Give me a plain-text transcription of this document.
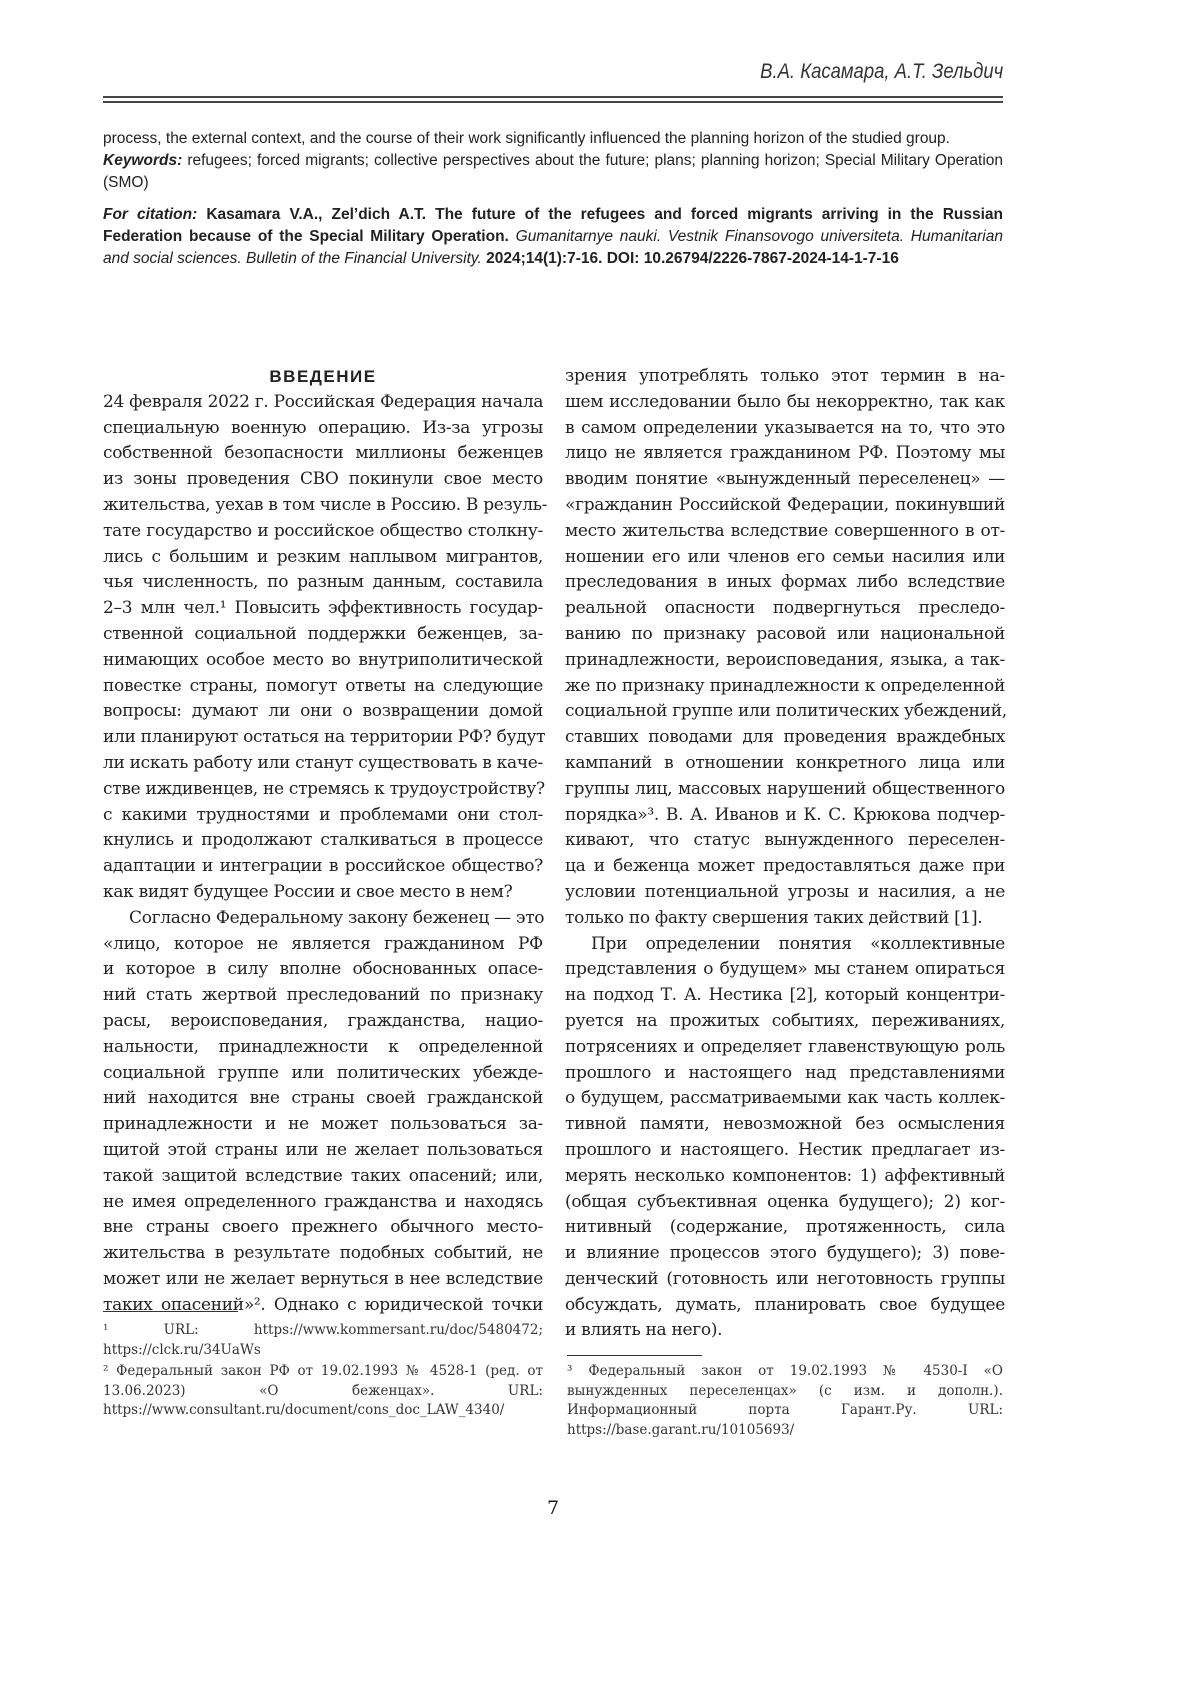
В.А. Касамара, А.Т. Зельдич

process, the external context, and the course of their work significantly influenced the planning horizon of the studied group.

Keywords: refugees; forced migrants; collective perspectives about the future; plans; planning horizon; Special Military Operation (SMO)

For citation: Kasamara V.A., Zel’dich A.T. The future of the refugees and forced migrants arriving in the Russian Federation because of the Special Military Operation. Gumanitarnye nauki. Vestnik Finansovogo universiteta. Humanitarian and social sciences. Bulletin of the Financial University. 2024;14(1):7-16. DOI: 10.26794/2226-7867-2024-14-1-7-16

ВВЕДЕНИЕ
24 февраля 2022 г. Российская Федерация начала
специальную военную операцию. Из-за угрозы
собственной безопасности миллионы беженцев
из зоны проведения СВО покинули свое место
жительства, уехав в том числе в Россию. В резуль-
тате государство и российское общество столкну-
лись с большим и резким наплывом мигрантов,
чья численность, по разным данным, составила
2–3 млн чел.¹ Повысить эффективность государ-
ственной социальной поддержки беженцев, за-
нимающих особое место во внутриполитической
повестке страны, помогут ответы на следующие
вопросы: думают ли они о возвращении домой
или планируют остаться на территории РФ? будут
ли искать работу или станут существовать в каче-
стве иждивенцев, не стремясь к трудоустройству?
с какими трудностями и проблемами они стол-
кнулись и продолжают сталкиваться в процессе
адаптации и интеграции в российское общество?
как видят будущее России и свое место в нем?
Согласно Федеральному закону беженец — это
«лицо, которое не является гражданином РФ
и которое в силу вполне обоснованных опасе-
ний стать жертвой преследований по признаку
расы, вероисповедания, гражданства, нацио-
нальности, принадлежности к определенной
социальной группе или политических убежде-
ний находится вне страны своей гражданской
принадлежности и не может пользоваться за-
щитой этой страны или не желает пользоваться
такой защитой вследствие таких опасений; или,
не имея определенного гражданства и находясь
вне страны своего прежнего обычного место-
жительства в результате подобных событий, не
может или не желает вернуться в нее вследствие
таких опасений»². Однако с юридической точки
зрения употреблять только этот термин в на-
шем исследовании было бы некорректно, так как
в самом определении указывается на то, что это
лицо не является гражданином РФ. Поэтому мы
вводим понятие «вынужденный переселенец» —
«гражданин Российской Федерации, покинувший
место жительства вследствие совершенного в от-
ношении его или членов его семьи насилия или
преследования в иных формах либо вследствие
реальной опасности подвергнуться преследо-
ванию по признаку расовой или национальной
принадлежности, вероисповедания, языка, а так-
же по признаку принадлежности к определенной
социальной группе или политических убеждений,
ставших поводами для проведения враждебных
кампаний в отношении конкретного лица или
группы лиц, массовых нарушений общественного
порядка»³. В. А. Иванов и К. С. Крюкова подчер-
кивают, что статус вынужденного переселен-
ца и беженца может предоставляться даже при
условии потенциальной угрозы и насилия, а не
только по факту свершения таких действий [1].
При определении понятия «коллективные
представления о будущем» мы станем опираться
на подход Т. А. Нестика [2], который концентри-
руется на прожитых событиях, переживаниях,
потрясениях и определяет главенствующую роль
прошлого и настоящего над представлениями
о будущем, рассматриваемыми как часть коллек-
тивной памяти, невозможной без осмысления
прошлого и настоящего. Нестик предлагает из-
мерять несколько компонентов: 1) аффективный
(общая субъективная оценка будущего); 2) ког-
нитивный (содержание, протяженность, сила
и влияние процессов этого будущего); 3) пове-
денческий (готовность или неготовность группы
обсуждать, думать, планировать свое будущее
и влиять на него).
¹ URL: https://www.kommersant.ru/doc/5480472; https://clck.ru/34UaWs
² Федеральный закон РФ от 19.02.1993 № 4528-1 (ред. от 13.06.2023) «О беженцах». URL: https://www.consultant.ru/document/cons_doc_LAW_4340/
³ Федеральный закон от 19.02.1993 № 4530-I «О вынужденных переселенцах» (с изм. и дополн.). Информационный порта Гарант.Ру. URL: https://base.garant.ru/10105693/
7
